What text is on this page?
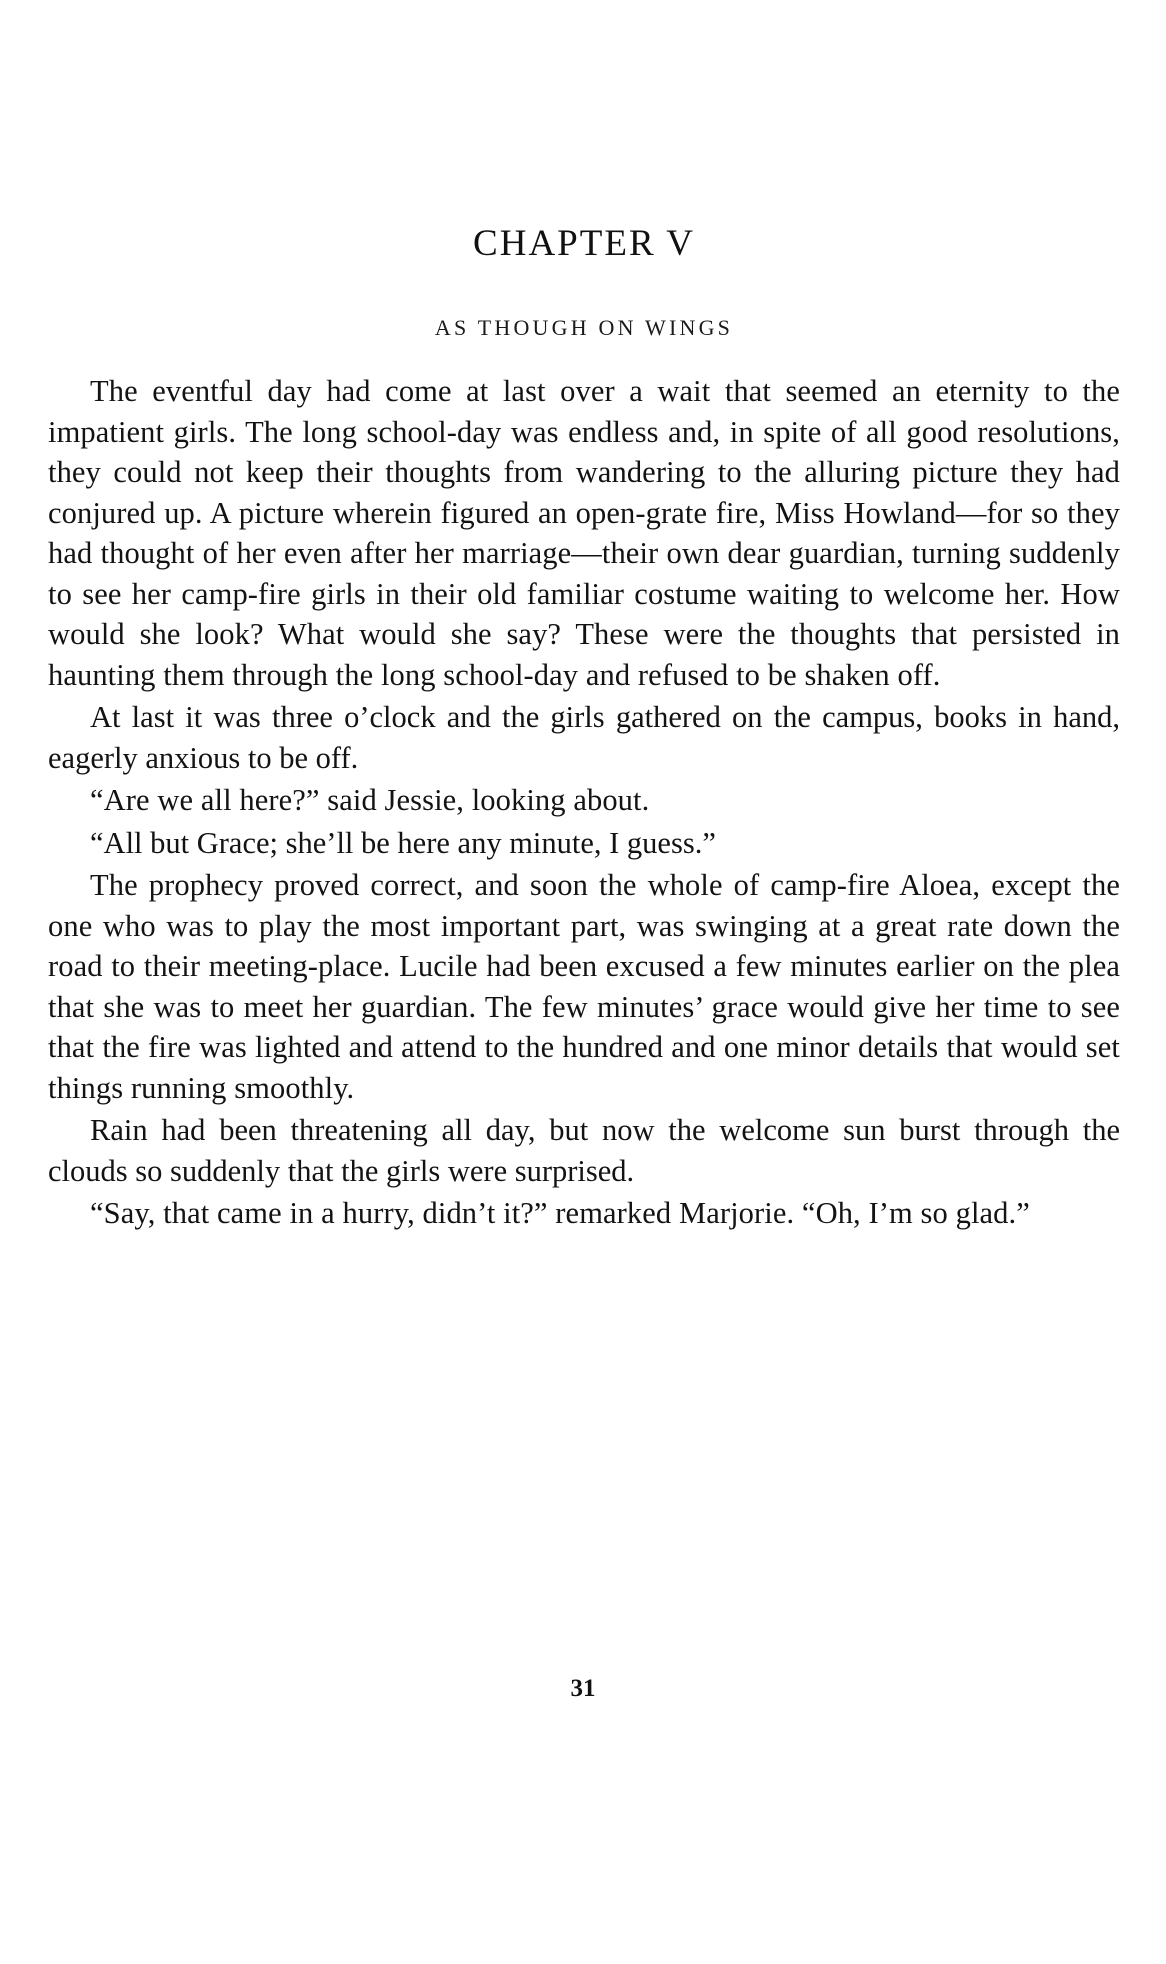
CHAPTER V
AS THOUGH ON WINGS

The eventful day had come at last over a wait that seemed an eternity to the impatient girls. The long school-day was endless and, in spite of all good resolutions, they could not keep their thoughts from wandering to the alluring picture they had conjured up. A picture wherein figured an open-grate fire, Miss Howland—for so they had thought of her even after her marriage—their own dear guardian, turning suddenly to see her camp-fire girls in their old familiar costume waiting to welcome her. How would she look? What would she say? These were the thoughts that persisted in haunting them through the long school-day and refused to be shaken off.

At last it was three o’clock and the girls gathered on the campus, books in hand, eagerly anxious to be off.

“Are we all here?” said Jessie, looking about.

“All but Grace; she’ll be here any minute, I guess.”

The prophecy proved correct, and soon the whole of camp-fire Aloea, except the one who was to play the most important part, was swinging at a great rate down the road to their meeting-place. Lucile had been excused a few minutes earlier on the plea that she was to meet her guardian. The few minutes’ grace would give her time to see that the fire was lighted and attend to the hundred and one minor details that would set things running smoothly.

Rain had been threatening all day, but now the welcome sun burst through the clouds so suddenly that the girls were surprised.

“Say, that came in a hurry, didn’t it?” remarked Marjorie. “Oh, I’m so glad.”

31
